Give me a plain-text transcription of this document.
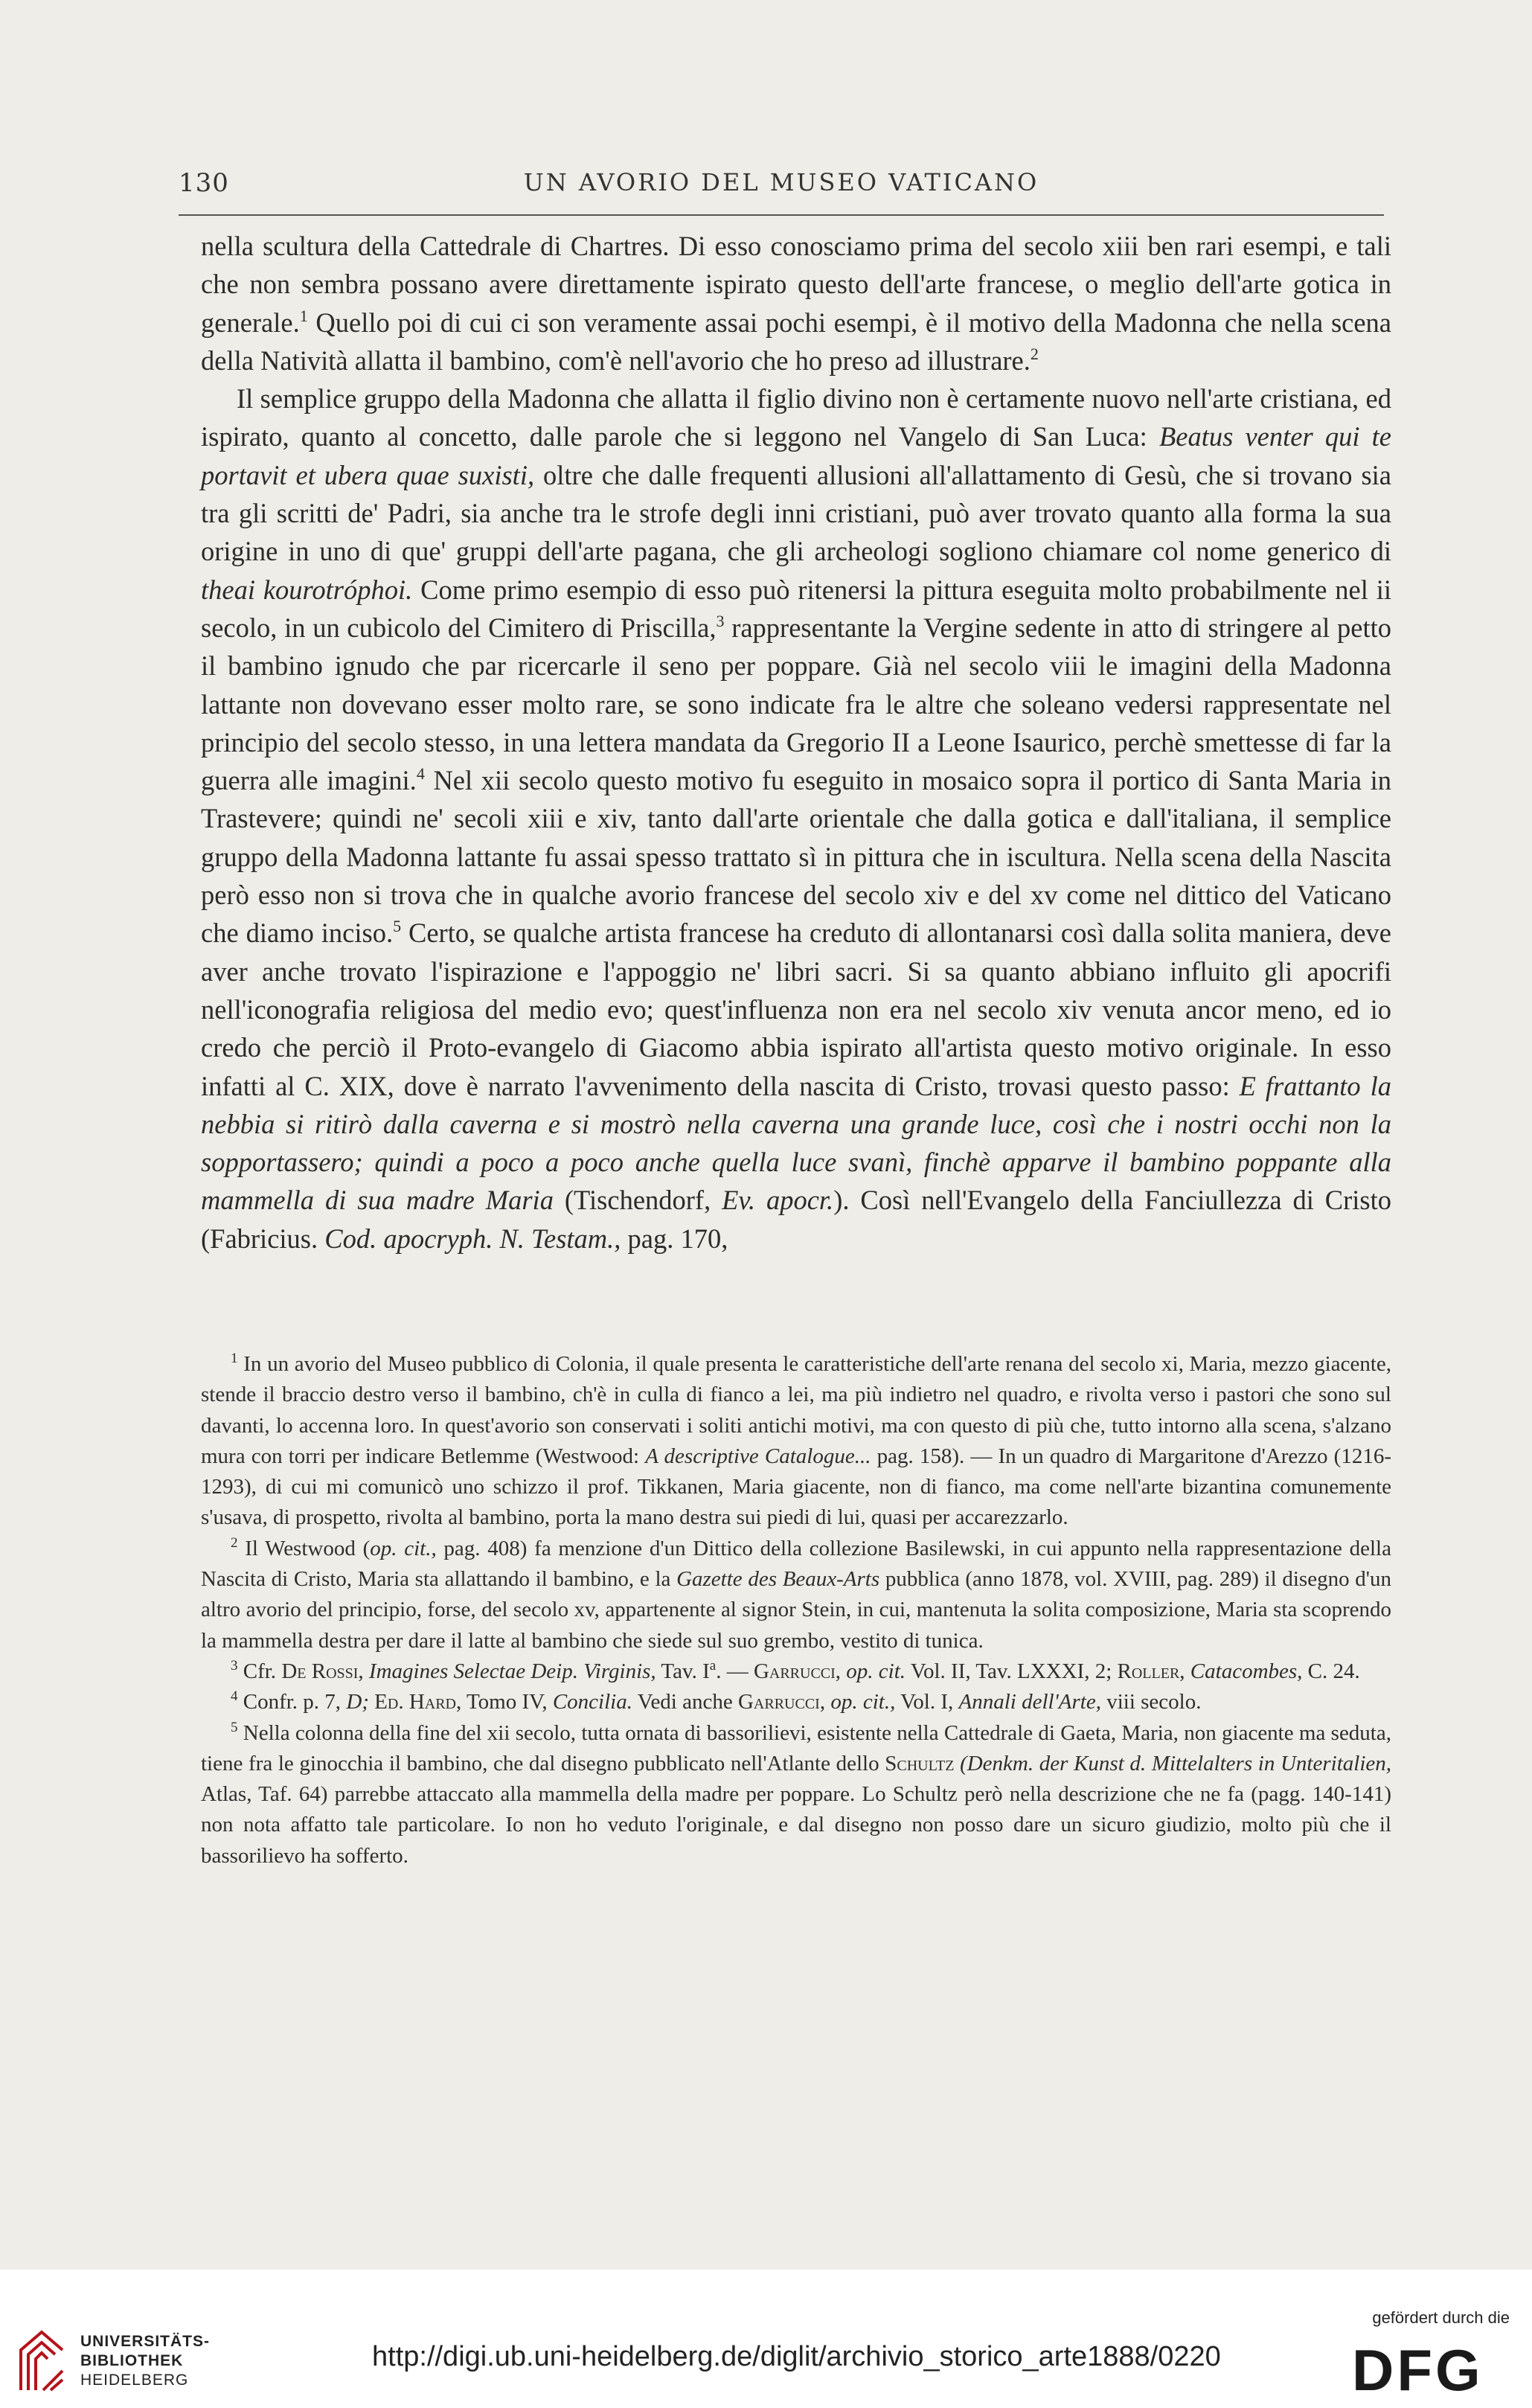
130	UN AVORIO DEL MUSEO VATICANO

nella scultura della Cattedrale di Chartres. Di esso conosciamo prima del secolo xiii ben rari esempi, e tali che non sembra possano avere direttamente ispirato questo dell'arte francese, o meglio dell'arte gotica in generale.$^1$ Quello poi di cui ci son veramente assai pochi esempi, è il motivo della Madonna che nella scena della Natività allatta il bambino, com'è nell'avorio che ho preso ad illustrare.$^2$

Il semplice gruppo della Madonna che allatta il figlio divino non è certamente nuovo nell'arte cristiana, ed ispirato, quanto al concetto, dalle parole che si leggono nel Vangelo di San Luca: Beatus venter qui te portavit et ubera quae suxisti, oltre che dalle frequenti allusioni all'allattamento di Gesù, che si trovano sia tra gli scritti de' Padri, sia anche tra le strofe degli inni cristiani, può aver trovato quanto alla forma la sua origine in uno di que' gruppi dell'arte pagana, che gli archeologi sogliono chiamare col nome generico di theai kourotróphoi. Come primo esempio di esso può ritenersi la pittura eseguita molto probabilmente nel ii secolo, in un cubicolo del Cimitero di Priscilla,$^3$ rappresentante la Vergine sedente in atto di stringere al petto il bambino ignudo che par ricercarle il seno per poppare. Già nel secolo viii le imagini della Madonna lattante non dovevano esser molto rare, se sono indicate fra le altre che soleano vedersi rappresentate nel principio del secolo stesso, in una lettera mandata da Gregorio II a Leone Isaurico, perchè smettesse di far la guerra alle imagini.$^4$ Nel xii secolo questo motivo fu eseguito in mosaico sopra il portico di Santa Maria in Trastevere; quindi ne' secoli xiii e xiv, tanto dall'arte orientale che dalla gotica e dall'italiana, il semplice gruppo della Madonna lattante fu assai spesso trattato sì in pittura che in iscultura. Nella scena della Nascita però esso non si trova che in qualche avorio francese del secolo xiv e del xv come nel dittico del Vaticano che diamo inciso.$^5$ Certo, se qualche artista francese ha creduto di allontanarsi così dalla solita maniera, deve aver anche trovato l'ispirazione e l'appoggio ne' libri sacri. Si sa quanto abbiano influito gli apocrifi nell'iconografia religiosa del medio evo; quest'influenza non era nel secolo xiv venuta ancor meno, ed io credo che perciò il Proto-evangelo di Giacomo abbia ispirato all'artista questo motivo originale. In esso infatti al C. XIX, dove è narrato l'avvenimento della nascita di Cristo, trovasi questo passo: E frattanto la nebbia si ritirò dalla caverna e si mostrò nella caverna una grande luce, così che i nostri occhi non la sopportassero; quindi a poco a poco anche quella luce svanì, finchè apparve il bambino poppante alla mammella di sua madre Maria (Tischendorf, Ev. apocr.). Così nell'Evangelo della Fanciullezza di Cristo (Fabricius. Cod. apocryph. N. Testam., pag. 170,

$^1$ In un avorio del Museo pubblico di Colonia, il quale presenta le caratteristiche dell'arte renana del secolo xi, Maria, mezzo giacente, stende il braccio destro verso il bambino, ch'è in culla di fianco a lei, ma più indietro nel quadro, e rivolta verso i pastori che sono sul davanti, lo accenna loro. In quest'avorio son conservati i soliti antichi motivi, ma con questo di più che, tutto intorno alla scena, s'alzano mura con torri per indicare Betlemme (Westwood: A descriptive Catalogue... pag. 158). — In un quadro di Margaritone d'Arezzo (1216-1293), di cui mi comunicò uno schizzo il prof. Tikkanen, Maria giacente, non di fianco, ma come nell'arte bizantina comunemente s'usava, di prospetto, rivolta al bambino, porta la mano destra sui piedi di lui, quasi per accarezzarlo.

$^2$ Il Westwood (op. cit., pag. 408) fa menzione d'un Dittico della collezione Basilewski, in cui appunto nella rappresentazione della Nascita di Cristo, Maria sta allattando il bambino, e la Gazette des Beaux-Arts pubblica (anno 1878, vol. XVIII, pag. 289) il disegno d'un altro avorio del principio, forse, del secolo xv, appartenente al signor Stein, in cui, mantenuta la solita composizione, Maria sta scoprendo la mammella destra per dare il latte al bambino che siede sul suo grembo, vestito di tunica.

$^3$ Cfr. De Rossi, Imagines Selectae Deip. Virginis, Tav. $I^a$. — Garrucci, op. cit. Vol. II, Tav. LXXXI, 2; Roller, Catacombes, C. 24.

$^4$ Confr. p. 7, D; Ed. Hard, Tomo IV, Concilia. Vedi anche Garrucci, op. cit., Vol. I, Annali dell'Arte, viii secolo.

$^5$ Nella colonna della fine del xii secolo, tutta ornata di bassorilievi, esistente nella Cattedrale di Gaeta, Maria, non giacente ma seduta, tiene fra le ginocchia il bambino, che dal disegno pubblicato nell'Atlante dello Schultz (Denkm. der Kunst d. Mittelalters in Unteritalien, Atlas, Taf. 64) parrebbe attaccato alla mammella della madre per poppare. Lo Schultz però nella descrizione che ne fa (pagg. 140-141) non nota affatto tale particolare. Io non ho veduto l'originale, e dal disegno non posso dare un sicuro giudizio, molto più che il bassorilievo ha sofferto.

UNIVERSITÄTS-
BIBLIOTHEK
HEIDELBERG
http://digi.ub.uni-heidelberg.de/diglit/archivio_storico_arte1888/0220
gefördert durch die
DFG
